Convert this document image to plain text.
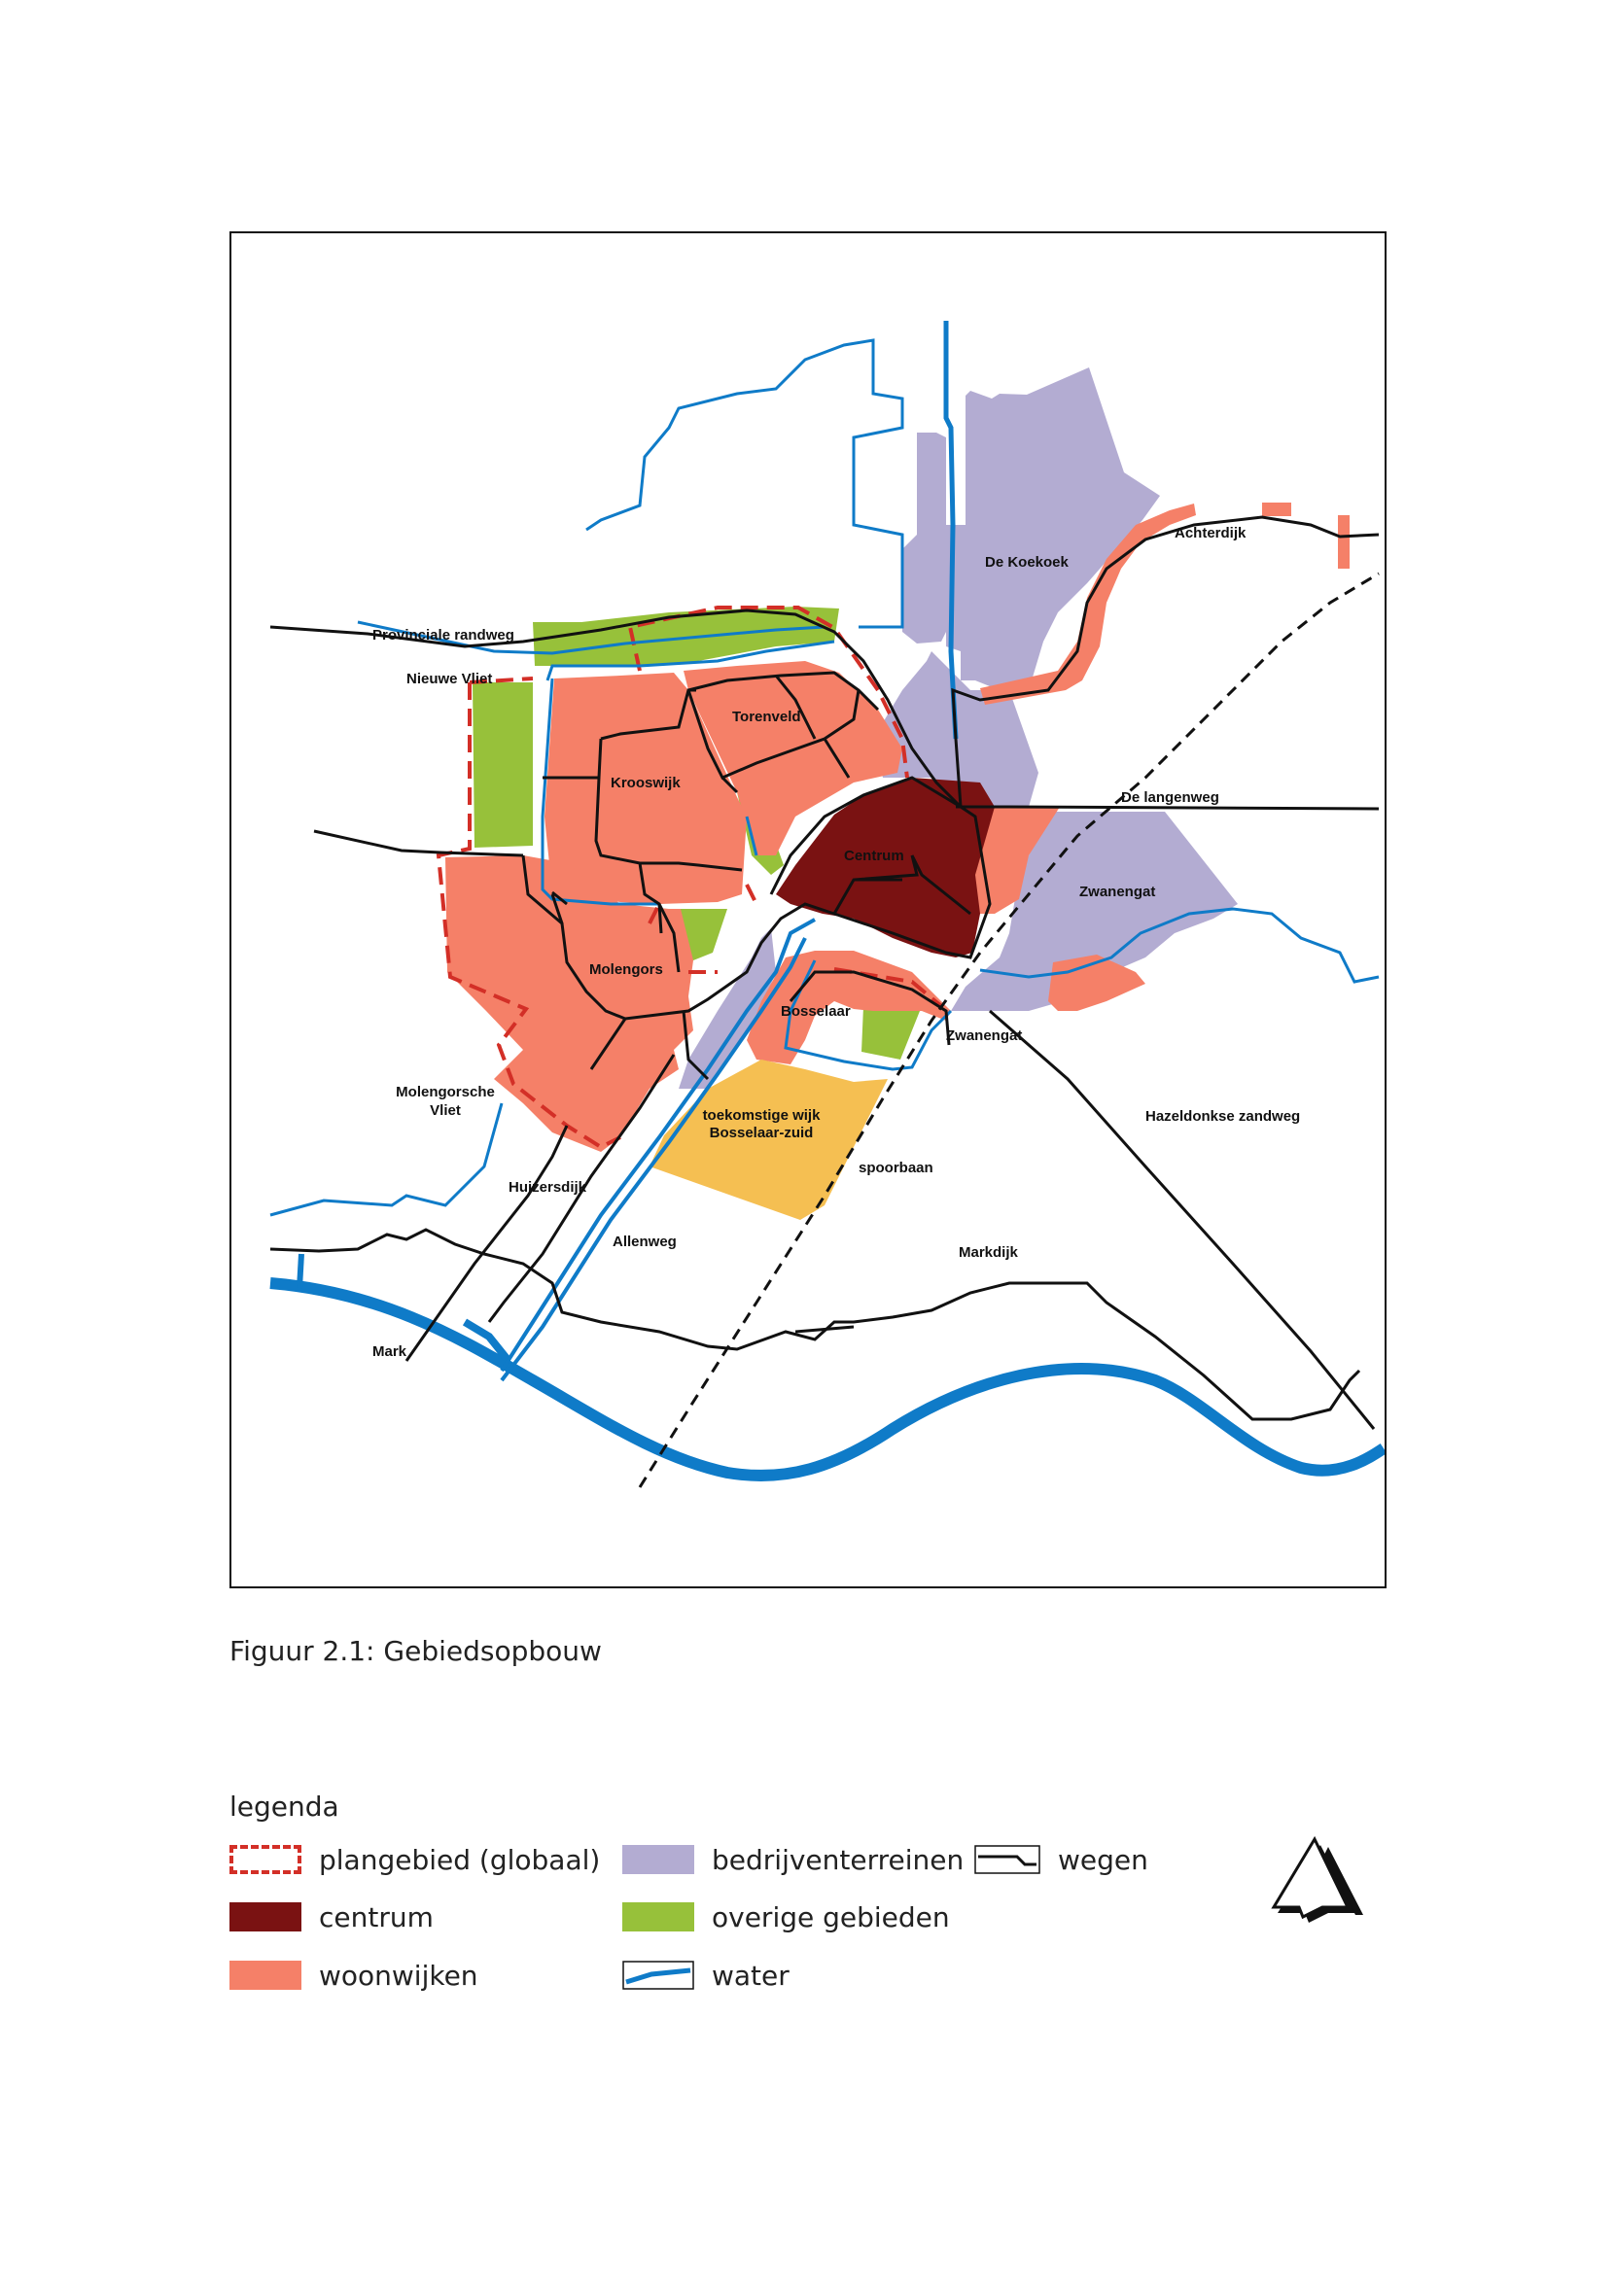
Provinciale randweg
Nieuwe Vliet
Torenveld
Krooswijk
Centrum
Molengors
Bosselaar
De Koekoek
Achterdijk
De langenweg
Zwanengat
Zwanengat
Hazeldonkse zandweg
Molengorsche
Vliet	toekomstige wijk
Bosselaar-zuid
spoorbaan
Huizersdijk
Allenweg
Markdijk
Mark
Figuur 2.1: Gebiedsopbouw
legenda
plangebied (globaal)
centrum
woonwijken
bedrijventerreinen
overige gebieden
water
wegen
